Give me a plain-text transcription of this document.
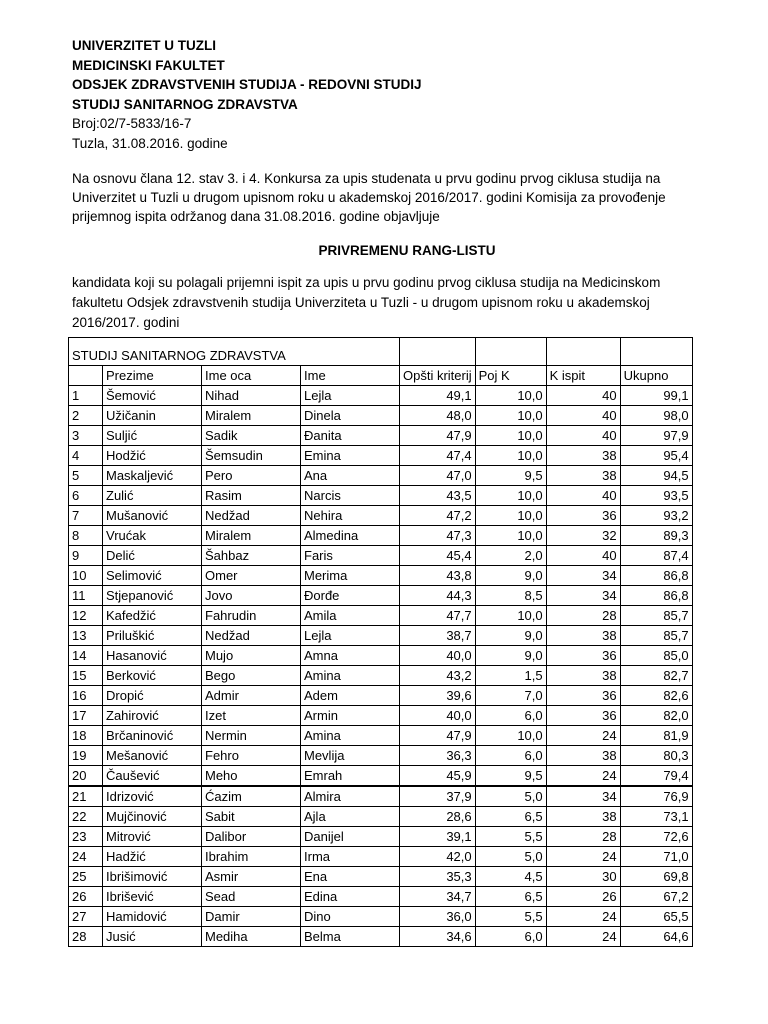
UNIVERZITET U TUZLI
MEDICINSKI FAKULTET
ODSJEK ZDRAVSTVENIH STUDIJA - REDOVNI STUDIJ
STUDIJ SANITARNOG ZDRAVSTVA
Broj:02/7-5833/16-7
Tuzla, 31.08.2016. godine
Na osnovu člana 12. stav 3. i 4. Konkursa za upis studenata u prvu godinu prvog ciklusa studija na Univerzitet u Tuzli u drugom upisnom roku u akademskoj 2016/2017. godini Komisija za provođenje prijemnog ispita održanog dana 31.08.2016. godine objavljuje
PRIVREMENU RANG-LISTU
kandidata koji su polagali prijemni ispit za upis u prvu godinu prvog ciklusa studija na Medicinskom fakultetu Odsjek zdravstvenih studija Univerziteta u Tuzli - u drugom upisnom roku u akademskoj 2016/2017. godini
STUDIJ SANITARNOG ZDRAVSTVA							
	Prezime	Ime oca	Ime	Opšti kriterij	Poj K	K ispit	Ukupno
1	Šemović	Nihad	Lejla	49,1	10,0	40	99,1
2	Užičanin	Miralem	Dinela	48,0	10,0	40	98,0
3	Suljić	Sadik	Đanita	47,9	10,0	40	97,9
4	Hodžić	Šemsudin	Emina	47,4	10,0	38	95,4
5	Maskaljević	Pero	Ana	47,0	9,5	38	94,5
6	Zulić	Rasim	Narcis	43,5	10,0	40	93,5
7	Mušanović	Nedžad	Nehira	47,2	10,0	36	93,2
8	Vrućak	Miralem	Almedina	47,3	10,0	32	89,3
9	Delić	Šahbaz	Faris	45,4	2,0	40	87,4
10	Selimović	Omer	Merima	43,8	9,0	34	86,8
11	Stjepanović	Jovo	Đorđe	44,3	8,5	34	86,8
12	Kafedžić	Fahrudin	Amila	47,7	10,0	28	85,7
13	Priluškić	Nedžad	Lejla	38,7	9,0	38	85,7
14	Hasanović	Mujo	Amna	40,0	9,0	36	85,0
15	Berković	Bego	Amina	43,2	1,5	38	82,7
16	Dropić	Admir	Adem	39,6	7,0	36	82,6
17	Zahirović	Izet	Armin	40,0	6,0	36	82,0
18	Brčaninović	Nermin	Amina	47,9	10,0	24	81,9
19	Mešanović	Fehro	Mevlija	36,3	6,0	38	80,3
20	Čaušević	Meho	Emrah	45,9	9,5	24	79,4
21	Idrizović	Ćazim	Almira	37,9	5,0	34	76,9
22	Mujčinović	Sabit	Ajla	28,6	6,5	38	73,1
23	Mitrović	Dalibor	Danijel	39,1	5,5	28	72,6
24	Hadžić	Ibrahim	Irma	42,0	5,0	24	71,0
25	Ibrišimović	Asmir	Ena	35,3	4,5	30	69,8
26	Ibrišević	Sead	Edina	34,7	6,5	26	67,2
27	Hamidović	Damir	Dino	36,0	5,5	24	65,5
28	Jusić	Mediha	Belma	34,6	6,0	24	64,6
